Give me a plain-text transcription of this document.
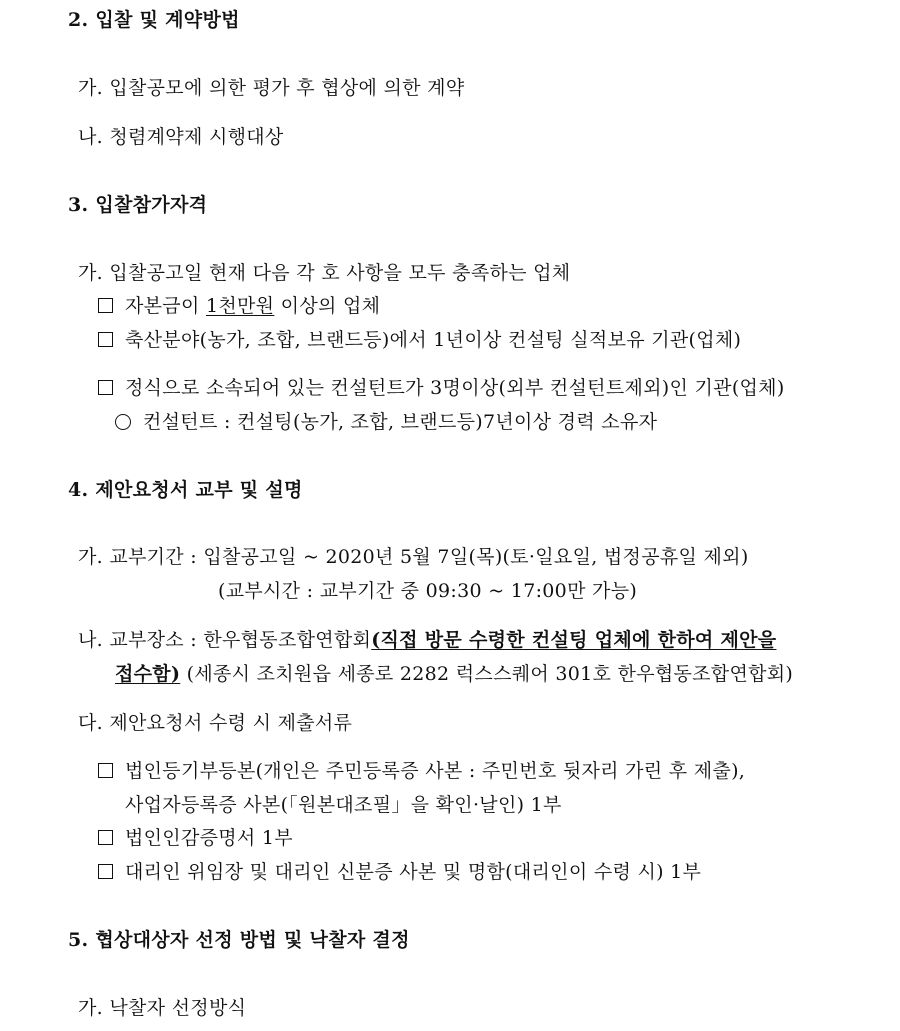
2. 입찰 및 계약방법
가. 입찰공모에 의한 평가 후 협상에 의한 계약
나. 청렴계약제 시행대상
3. 입찰참가자격
가. 입찰공고일 현재 다음 각 호 사항을 모두 충족하는 업체
자본금이 1천만원 이상의 업체
축산분야(농가, 조합, 브랜드등)에서 1년이상 컨설팅 실적보유 기관(업체)
정식으로 소속되어 있는 컨설턴트가 3명이상(외부 컨설턴트제외)인 기관(업체)
컨설턴트 : 컨설팅(농가, 조합, 브랜드등)7년이상 경력 소유자
4. 제안요청서 교부 및 설명
가. 교부기간 : 입찰공고일 ~ 2020년 5월 7일(목)(토·일요일, 법정공휴일 제외)
(교부시간 : 교부기간 중 09:30 ~ 17:00만 가능)
나. 교부장소 : 한우협동조합연합회(직접 방문 수령한 컨설팅 업체에 한하여 제안을
접수함) (세종시 조치원읍 세종로 2282 럭스스퀘어 301호 한우협동조합연합회)
다. 제안요청서 수령 시 제출서류
법인등기부등본(개인은 주민등록증 사본 : 주민번호 뒷자리 가린 후 제출),
사업자등록증 사본(「원본대조필」을 확인·날인) 1부
법인인감증명서 1부
대리인 위임장 및 대리인 신분증 사본 및 명함(대리인이 수령 시) 1부
5. 협상대상자 선정 방법 및 낙찰자 결정
가. 낙찰자 선정방식
